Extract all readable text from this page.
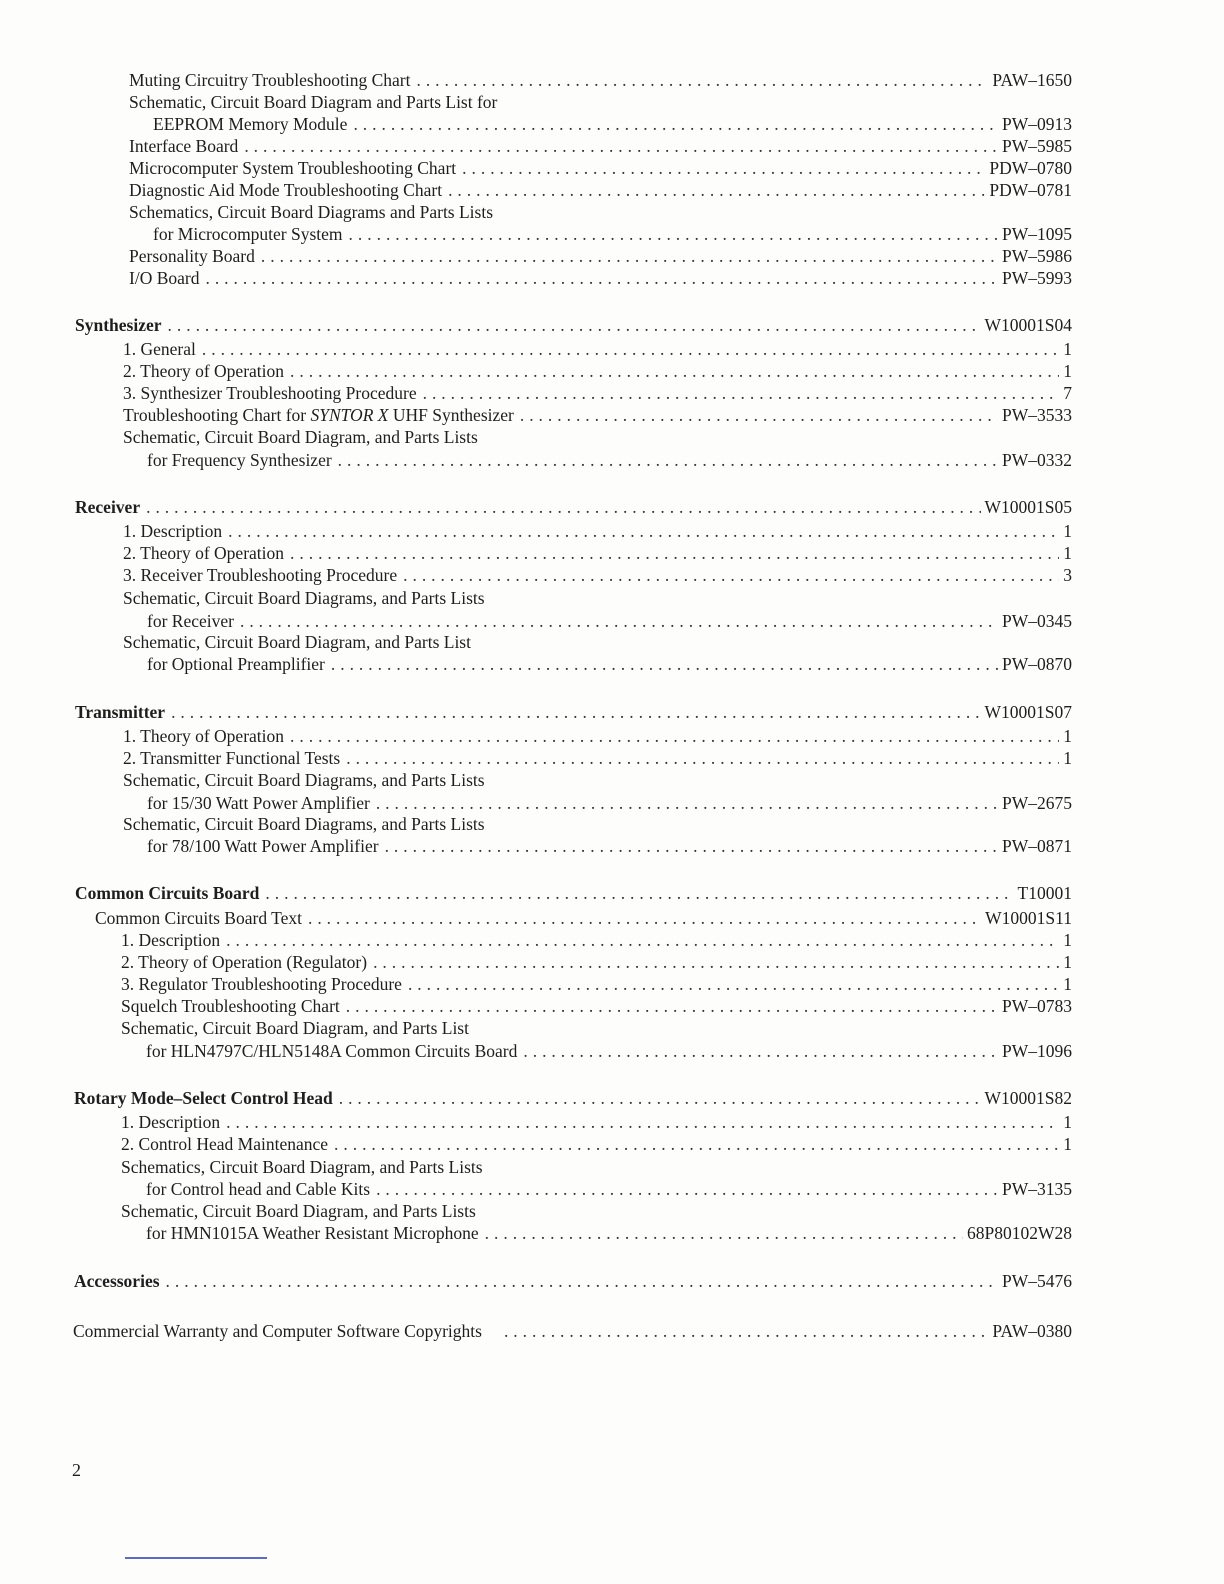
Muting Circuitry Troubleshooting Chart . . .	PAW–1650
Schematic, Circuit Board Diagram and Parts List for
EEPROM Memory Module . . .	PW–0913
Interface Board . . .	PW–5985
Microcomputer System Troubleshooting Chart . . .	PDW–0780
Diagnostic Aid Mode Troubleshooting Chart . . .	PDW–0781
Schematics, Circuit Board Diagrams and Parts Lists
for Microcomputer System . . .	PW–1095
Personality Board . . .	PW–5986
I/O Board . . .	PW–5993
Synthesizer . . .	W10001S04
1. General . . .	1
2. Theory of Operation . . .	1
3. Synthesizer Troubleshooting Procedure . . .	7
Troubleshooting Chart for SYNTOR X UHF Synthesizer . . .	PW–3533
Schematic, Circuit Board Diagram, and Parts Lists
for Frequency Synthesizer . . .	PW–0332
Receiver . . .	W10001S05
1. Description . . .	1
2. Theory of Operation . . .	1
3. Receiver Troubleshooting Procedure . . .	3
Schematic, Circuit Board Diagrams, and Parts Lists
for Receiver . . .	PW–0345
Schematic, Circuit Board Diagram, and Parts List
for Optional Preamplifier . . .	PW–0870
Transmitter . . .	W10001S07
1. Theory of Operation . . .	1
2. Transmitter Functional Tests . . .	1
Schematic, Circuit Board Diagrams, and Parts Lists
for 15/30 Watt Power Amplifier . . .	PW–2675
Schematic, Circuit Board Diagrams, and Parts Lists
for 78/100 Watt Power Amplifier . . .	PW–0871
Common Circuits Board . . .	T10001
Common Circuits Board Text . . .	W10001S11
1. Description . . .	1
2. Theory of Operation (Regulator) . . .	1
3. Regulator Troubleshooting Procedure . . .	1
Squelch Troubleshooting Chart . . .	PW–0783
Schematic, Circuit Board Diagram, and Parts List
for HLN4797C/HLN5148A Common Circuits Board . . .	PW–1096
Rotary Mode–Select Control Head . . .	W10001S82
1. Description . . .	1
2. Control Head Maintenance . . .	1
Schematics, Circuit Board Diagram, and Parts Lists
for Control head and Cable Kits . . .	PW–3135
Schematic, Circuit Board Diagram, and Parts Lists
for HMN1015A Weather Resistant Microphone . . .	68P80102W28
Accessories . . .	PW–5476
Commercial Warranty and Computer Software Copyrights . . .	PAW–0380
2
